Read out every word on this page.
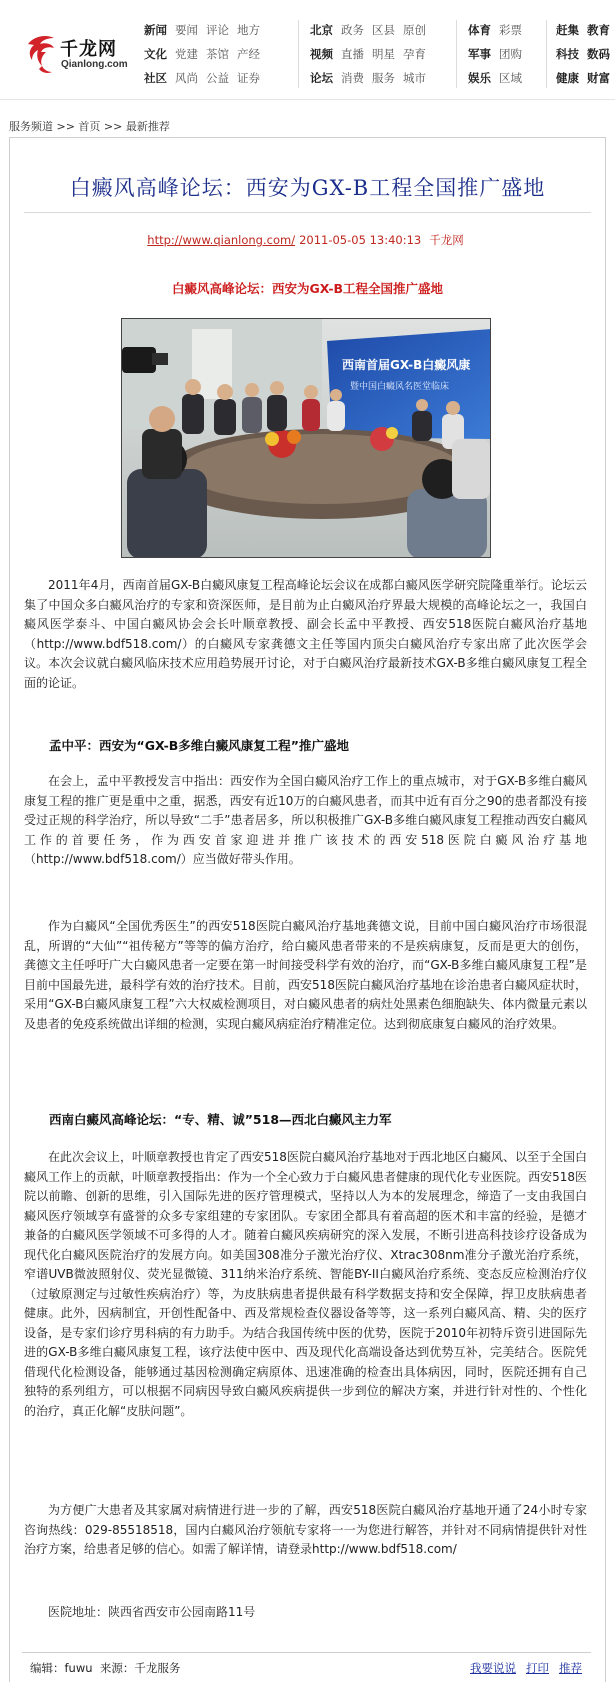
千龙网
Qianlong.com
新闻 要闻 评论 地方
文化 党建 茶馆 产经
社区 风尚 公益 证券
北京 政务 区县 原创
视频 直播 明星 孕育
论坛 消费 服务 城市
体育 彩票
军事 团购
娱乐 区域
赶集 教育
科技 数码
健康 财富
服务频道 >> 首页 >> 最新推荐
白癜风高峰论坛：西安为GX-B工程全国推广盛地
http://www.qianlong.com/ 2011-05-05 13:40:13 千龙网
白癜风高峰论坛：西安为GX-B工程全国推广盛地
西南首届GX-B白癜风康
暨中国白癜风名医堂临床

2011年4月，西南首届GX-B白癜风康复工程高峰论坛会议在成都白癜风医学研究院隆重举行。论坛云集了中国众多白癜风治疗的专家和资深医师，是目前为止白癜风治疗界最大规模的高峰论坛之一，我国白癜风医学泰斗、中国白癜风协会会长叶顺章教授、副会长孟中平教授、西安518医院白癜风治疗基地（http://www.bdf518.com/）的白癜风专家龚德文主任等国内顶尖白癜风治疗专家出席了此次医学会议。本次会议就白癜风临床技术应用趋势展开讨论，对于白癜风治疗最新技术GX-B多维白癜风康复工程全面的论证。

孟中平：西安为“GX-B多维白癜风康复工程”推广盛地

在会上，孟中平教授发言中指出：西安作为全国白癜风治疗工作上的重点城市，对于GX-B多维白癜风康复工程的推广更是重中之重，据悉，西安有近10万的白癜风患者，而其中近有百分之90的患者都没有接受过正规的科学治疗，所以导致“二手”患者居多，所以积极推广GX-B多维白癜风康复工程推动西安白癜风工作的首要任务，作为西安首家迎进并推广该技术的西安518医院白癜风治疗基地（http://www.bdf518.com/）应当做好带头作用。

作为白癜风“全国优秀医生”的西安518医院白癜风治疗基地龚德文说，目前中国白癜风治疗市场很混乱，所谓的“大仙”“祖传秘方”等等的偏方治疗，给白癜风患者带来的不是疾病康复，反而是更大的创伤，龚德文主任呼吁广大白癜风患者一定要在第一时间接受科学有效的治疗，而“GX-B多维白癜风康复工程”是目前中国最先进，最科学有效的治疗技术。目前，西安518医院白癜风治疗基地在诊治患者白癜风症状时，采用“GX-B白癜风康复工程”六大权威检测项目，对白癜风患者的病灶处黑素色细胞缺失、体内微量元素以及患者的免疫系统做出详细的检测，实现白癜风病症治疗精准定位。达到彻底康复白癜风的治疗效果。

西南白癜风高峰论坛：“专、精、诚”518—西北白癜风主力军

在此次会议上，叶顺章教授也肯定了西安518医院白癜风治疗基地对于西北地区白癜风、以至于全国白癜风工作上的贡献，叶顺章教授指出：作为一个全心致力于白癜风患者健康的现代化专业医院。西安518医院以前瞻、创新的思维，引入国际先进的医疗管理模式，坚持以人为本的发展理念，缔造了一支由我国白癜风医疗领域享有盛誉的众多专家组建的专家团队。专家团全都具有着高超的医术和丰富的经验，是德才兼备的白癜风医学领域不可多得的人才。随着白癜风疾病研究的深入发展，不断引进高科技诊疗设备成为现代化白癜风医院治疗的发展方向。如美国308准分子激光治疗仪、Xtrac308nm准分子激光治疗系统，窄谱UVB微波照射仪、荧光显微镜、311纳米治疗系统、智能BY-II白癜风治疗系统、变态反应检测治疗仪（过敏原测定与过敏性疾病治疗）等，为皮肤病患者提供最有科学数据支持和安全保障，捍卫皮肤病患者健康。此外，因病制宜，开创性配备中、西及常规检查仪器设备等等，这一系列白癜风高、精、尖的医疗设备，是专家们诊疗男科病的有力助手。为结合我国传统中医的优势，医院于2010年初特斥资引进国际先进的GX-B多维白癜风康复工程，该疗法使中医中、西及现代化高端设备达到优势互补，完美结合。医院凭借现代化检测设备，能够通过基因检测确定病原体、迅速准确的检查出具体病因，同时，医院还拥有自己独特的系列组方，可以根据不同病因导致白癜风疾病提供一步到位的解决方案，并进行针对性的、个性化的治疗，真正化解“皮肤问题”。

为方便广大患者及其家属对病情进行进一步的了解，西安518医院白癜风治疗基地开通了24小时专家咨询热线：029-85518518，国内白癜风治疗领航专家将一一为您进行解答，并针对不同病情提供针对性治疗方案，给患者足够的信心。如需了解详情，请登录http://www.bdf518.com/

医院地址：陕西省西安市公园南路11号

编辑：fuwu 来源：千龙服务	我要说说 打印 推荐
